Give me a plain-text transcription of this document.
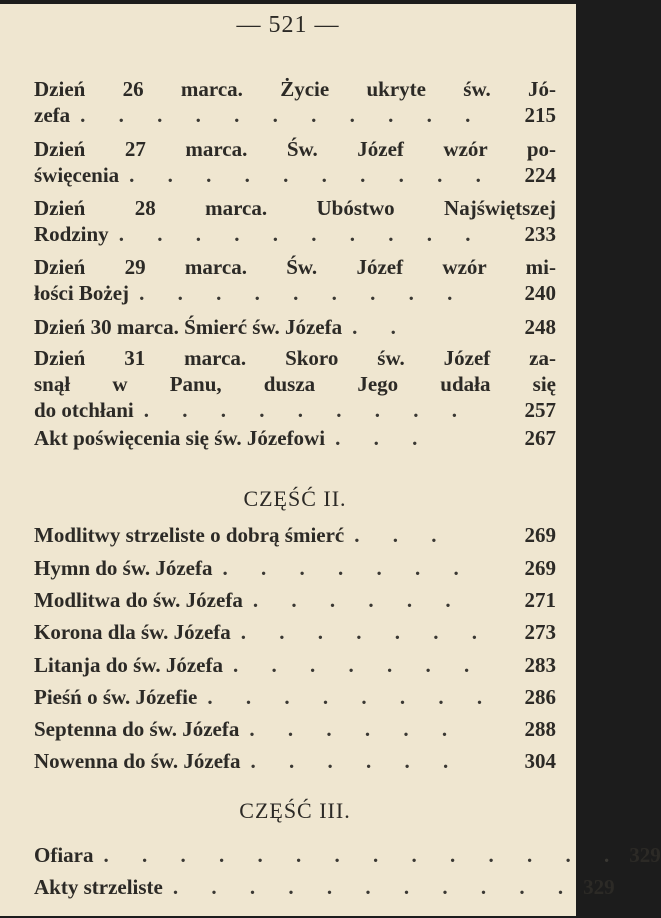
— 521 —
Dzień 26 marca. Życie ukryte św. Jó-
zefa . . . . . . . . . . .	215
Dzień 27 marca. Św. Józef wzór po-
święcenia . . . . . . . . . .	224
Dzień 28 marca. Ubóstwo Najświętszej
Rodziny . . . . . . . . . .	233
Dzień 29 marca. Św. Józef wzór mi-
łości Bożej . . . . . . . . .	240
Dzień 30 marca. Śmierć św. Józefa . .	248
Dzień 31 marca. Skoro św. Józef za-
snął w Panu, dusza Jego udała się
do otchłani . . . . . . . . .	257
Akt poświęcenia się św. Józefowi . . .	267
CZĘŚĆ II.
Modlitwy strzeliste o dobrą śmierć . . .	269
Hymn do św. Józefa . . . . . . .	269
Modlitwa do św. Józefa . . . . . .	271
Korona dla św. Józefa . . . . . . .	273
Litanja do św. Józefa . . . . . . .	283
Pieśń o św. Józefie . . . . . . . .	286
Septenna do św. Józefa . . . . . .	288
Nowenna do św. Józefa . . . . . .	304
CZĘŚĆ III.
Ofiara . . . . . . . . . . . . . . 329
Akty strzeliste . . . . . . . . . . . 329
